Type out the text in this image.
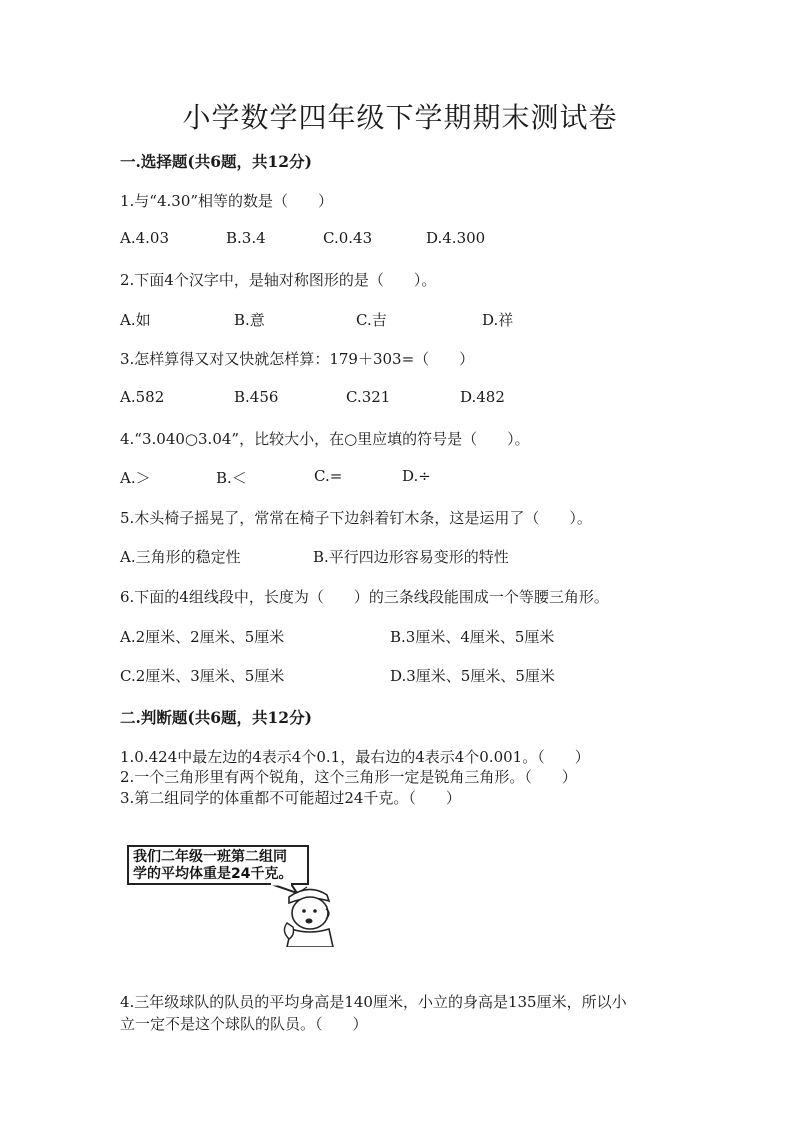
小学数学四年级下学期期末测试卷
一.选择题(共6题，共12分)
1.与“4.30”相等的数是（　　）
A.4.03	B.3.4	C.0.43	D.4.300
2.下面4个汉字中，是轴对称图形的是（　　）。
A.如	B.意	C.吉	D.祥
3.怎样算得又对又快就怎样算：179＋303=（　　）
A.582	B.456	C.321	D.482
4.“3.040○3.04”，比较大小，在○里应填的符号是（　　）。
A.＞	B.＜	C.=	D.÷
5.木头椅子摇晃了，常常在椅子下边斜着钉木条，这是运用了（　　）。
A.三角形的稳定性	B.平行四边形容易变形的特性
6.下面的4组线段中，长度为（　　）的三条线段能围成一个等腰三角形。
A.2厘米、2厘米、5厘米	B.3厘米、4厘米、5厘米
C.2厘米、3厘米、5厘米	D.3厘米、5厘米、5厘米
二.判断题(共6题，共12分)
1.0.424中最左边的4表示4个0.1，最右边的4表示4个0.001。（　　）
2.一个三角形里有两个锐角，这个三角形一定是锐角三角形。（　　）
3.第二组同学的体重都不可能超过24千克。（　　）
我们二年级一班第二组同
学的平均体重是24千克。
4.三年级球队的队员的平均身高是140厘米，小立的身高是135厘米，所以小
立一定不是这个球队的队员。（　　）
